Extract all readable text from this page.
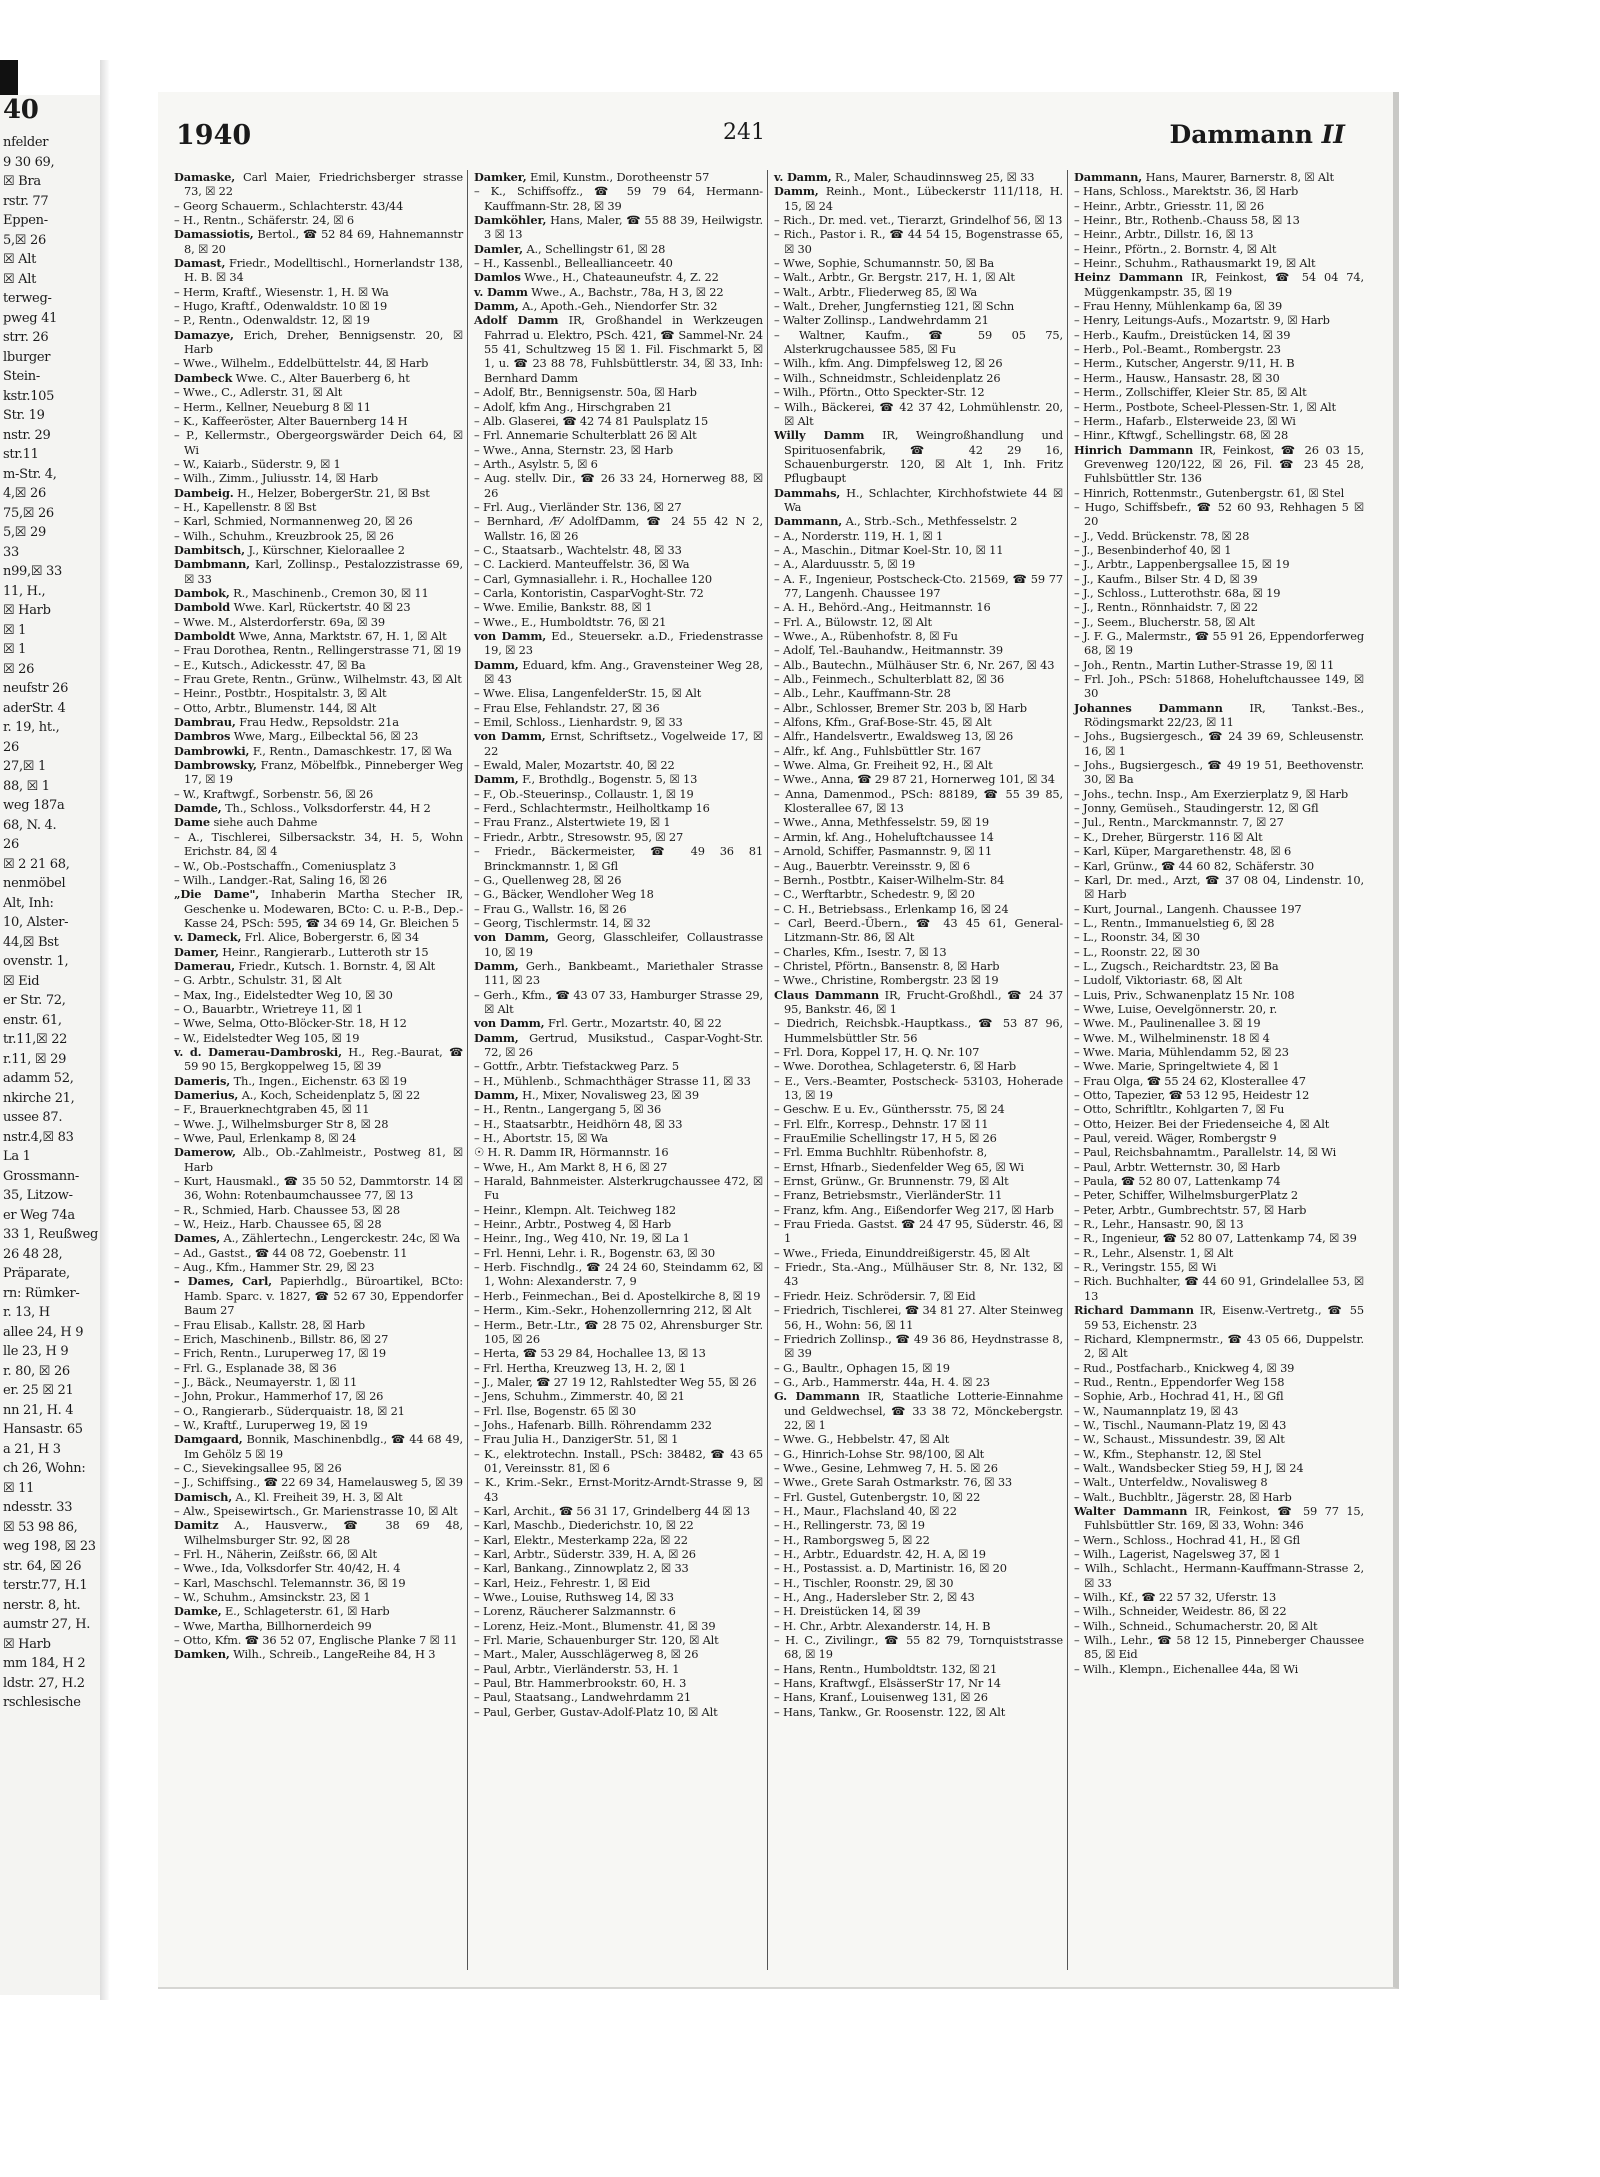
40
nfelder
9 30 69,
☒ Bra
rstr. 77
Eppen-
5,☒ 26
☒ Alt
☒ Alt
terweg-
pweg 41
strr. 26
lburger
Stein-
kstr.105
Str. 19
nstr. 29
str.11
m-Str. 4,
4,☒ 26
75,☒ 26
5,☒ 29
33
n99,☒ 33
11, H.,
☒ Harb
☒ 1
☒ 1
☒ 26
neufstr 26
aderStr. 4
r. 19, ht.,
26
27,☒ 1
88, ☒ 1
weg 187a
68, N. 4.
26
☒ 2 21 68,
nenmöbel
Alt, Inh:
10, Alster-
44,☒ Bst
ovenstr. 1,
☒ Eid
er Str. 72,
enstr. 61,
tr.11,☒ 22
r.11, ☒ 29
adamm 52,
nkirche 21,
ussee 87.
nstr.4,☒ 83
La 1
Grossmann-
35, Litzow-
er Weg 74a
33 1, Reußweg
26 48 28,
Präparate,
rn: Rümker-
r. 13, H
allee 24, H 9
lle 23, H 9
r. 80, ☒ 26
er. 25 ☒ 21
nn 21, H. 4
Hansastr. 65
a 21, H 3
ch 26, Wohn:
☒ 11
ndesstr. 33
☒ 53 98 86,
weg 198, ☒ 23
str. 64, ☒ 26
terstr.77, H.1
nerstr. 8, ht.
aumstr 27, H.
☒ Harb
mm 184, H 2
ldstr. 27, H.2
rschlesische
1940	241	Dammann II
Damaske, Carl Maier, Friedrichsberger strasse 73, ☒ 22
– Georg Schauerm., Schlachterstr. 43/44
– H., Rentn., Schäferstr. 24, ☒ 6
Damassiotis, Bertol., ☎ 52 84 69, Hahnemannstr 8, ☒ 20
Damast, Friedr., Modelltischl., Hornerlandstr 138, H. B. ☒ 34
– Herm, Kraftf., Wiesenstr. 1, H. ☒ Wa
– Hugo, Kraftf., Odenwaldstr. 10 ☒ 19
– P., Rentn., Odenwaldstr. 12, ☒ 19
Damazye, Erich, Dreher, Bennigsenstr. 20, ☒ Harb
– Wwe., Wilhelm., Eddelbüttelstr. 44, ☒ Harb
Dambeck Wwe. C., Alter Bauerberg 6, ht
– Wwe., C., Adlerstr. 31, ☒ Alt
– Herm., Kellner, Neueburg 8 ☒ 11
– K., Kaffeeröster, Alter Bauernberg 14 H
– P., Kellermstr., Obergeorgswärder Deich 64, ☒ Wi
– W., Kaiarb., Süderstr. 9, ☒ 1
– Wilh., Zimm., Juliusstr. 14, ☒ Harb
Dambeig. H., Helzer, BobergerStr. 21, ☒ Bst
– H., Kapellenstr. 8 ☒ Bst
– Karl, Schmied, Normannenweg 20, ☒ 26
– Wilh., Schuhm., Kreuzbrook 25, ☒ 26
Dambitsch, J., Kürschner, Kieloraallee 2
Dambmann, Karl, Zollinsp., Pestalozzistrasse 69, ☒ 33
Dambok, R., Maschinenb., Cremon 30, ☒ 11
Dambold Wwe. Karl, Rückertstr. 40 ☒ 23
– Wwe. M., Alsterdorferstr. 69a, ☒ 39
Damboldt Wwe, Anna, Marktstr. 67, H. 1, ☒ Alt
– Frau Dorothea, Rentn., Rellingerstrasse 71, ☒ 19
– E., Kutsch., Adickesstr. 47, ☒ Ba
– Frau Grete, Rentn., Grünw., Wilhelmstr. 43, ☒ Alt
– Heinr., Postbtr., Hospitalstr. 3, ☒ Alt
– Otto, Arbtr., Blumenstr. 144, ☒ Alt
Dambrau, Frau Hedw., Repsoldstr. 21a
Dambros Wwe, Marg., Eilbecktal 56, ☒ 23
Dambrowki, F., Rentn., Damaschkestr. 17, ☒ Wa
Dambrowsky, Franz, Möbelfbk., Pinneberger Weg 17, ☒ 19
– W., Kraftwgf., Sorbenstr. 56, ☒ 26
Damde, Th., Schloss., Volksdorferstr. 44, H 2
Dame siehe auch Dahme
– A., Tischlerei, Silbersackstr. 34, H. 5, Wohn Erichstr. 84, ☒ 4
– W., Ob.-Postschaffn., Comeniusplatz 3
– Wilh., Landger.-Rat, Saling 16, ☒ 26
„Die Dame", Inhaberin Martha Stecher IR, Geschenke u. Modewaren, BCto: C. u. P.-B., Dep.-Kasse 24, PSch: 595, ☎ 34 69 14, Gr. Bleichen 5
v. Dameck, Frl. Alice, Bobergerstr. 6, ☒ 34
Damer, Heinr., Rangierarb., Lutteroth str 15
Damerau, Friedr., Kutsch. 1. Bornstr. 4, ☒ Alt
– G. Arbtr., Schulstr. 31, ☒ Alt
– Max, Ing., Eidelstedter Weg 10, ☒ 30
– O., Bauarbtr., Wrietreye 11, ☒ 1
– Wwe, Selma, Otto-Blöcker-Str. 18, H 12
– W., Eidelstedter Weg 105, ☒ 19
v. d. Damerau-Dambroski, H., Reg.-Baurat, ☎ 59 90 15, Bergkoppelweg 15, ☒ 39
Dameris, Th., Ingen., Eichenstr. 63 ☒ 19
Damerius, A., Koch, Scheidenplatz 5, ☒ 22
– F., Brauerknechtgraben 45, ☒ 11
– Wwe. J., Wilhelmsburger Str 8, ☒ 28
– Wwe, Paul, Erlenkamp 8, ☒ 24
Damerow, Alb., Ob.-Zahlmeistr., Postweg 81, ☒ Harb
– Kurt, Hausmakl., ☎ 35 50 52, Dammtorstr. 14 ☒ 36, Wohn: Rotenbaumchaussee 77, ☒ 13
– R., Schmied, Harb. Chaussee 53, ☒ 28
– W., Heiz., Harb. Chaussee 65, ☒ 28
Dames, A., Zählertechn., Lengerckestr. 24c, ☒ Wa
– Ad., Gastst., ☎ 44 08 72, Goebenstr. 11
– Aug., Kfm., Hammer Str. 29, ☒ 23
– Dames, Carl, Papierhdlg., Büroartikel, BCto: Hamb. Sparc. v. 1827, ☎ 52 67 30, Eppendorfer Baum 27
– Frau Elisab., Kallstr. 28, ☒ Harb
– Erich, Maschinenb., Billstr. 86, ☒ 27
– Frich, Rentn., Luruperweg 17, ☒ 19
– Frl. G., Esplanade 38, ☒ 36
– J., Bäck., Neumayerstr. 1, ☒ 11
– John, Prokur., Hammerhof 17, ☒ 26
– O., Rangierarb., Süderquaistr. 18, ☒ 21
– W., Kraftf., Luruperweg 19, ☒ 19
Damgaard, Bonnik, Maschinenbdlg., ☎ 44 68 49, Im Gehölz 5 ☒ 19
– C., Sievekingsallee 95, ☒ 26
– J., Schiffsing., ☎ 22 69 34, Hamelausweg 5, ☒ 39
Damisch, A., Kl. Freiheit 39, H. 3, ☒ Alt
– Alw., Speisewirtsch., Gr. Marienstrasse 10, ☒ Alt
Damitz A., Hausverw., ☎ 38 69 48, Wilhelmsburger Str. 92, ☒ 28
– Frl. H., Näherin, Zeißstr. 66, ☒ Alt
– Wwe., Ida, Volksdorfer Str. 40/42, H. 4
– Karl, Maschschl. Telemannstr. 36, ☒ 19
– W., Schuhm., Amsinckstr. 23, ☒ 1
Damke, E., Schlageterstr. 61, ☒ Harb
– Wwe, Martha, Billhornerdeich 99
– Otto, Kfm. ☎ 36 52 07, Englische Planke 7 ☒ 11
Damken, Wilh., Schreib., LangeReihe 84, H 3
Damker, Emil, Kunstm., Dorotheenstr 57
– K., Schiffsoffz., ☎ 59 79 64, Hermann-Kauffmann-Str. 28, ☒ 39
Damköhler, Hans, Maler, ☎ 55 88 39, Heilwigstr. 3 ☒ 13
Damler, A., Schellingstr 61, ☒ 28
– H., Kassenbl., Belleallianceetr. 40
Damlos Wwe., H., Chateauneufstr. 4, Z. 22
v. Damm Wwe., A., Bachstr., 78a, H 3, ☒ 22
Damm, A., Apoth.-Geh., Niendorfer Str. 32
Adolf Damm IR, Großhandel in Werkzeugen Fahrrad u. Elektro, PSch. 421, ☎ Sammel-Nr. 24 55 41, Schultzweg 15 ☒ 1. Fil. Fischmarkt 5, ☒ 1, u. ☎ 23 88 78, Fuhlsbüttlerstr. 34, ☒ 33, Inh: Bernhard Damm
– Adolf, Btr., Bennigsenstr. 50a, ☒ Harb
– Adolf, kfm Ang., Hirschgraben 21
– Alb. Glaserei, ☎ 42 74 81 Paulsplatz 15
– Frl. Annemarie Schulterblatt 26 ☒ Alt
– Wwe., Anna, Sternstr. 23, ☒ Harb
– Arth., Asylstr. 5, ☒ 6
– Aug. stellv. Dir., ☎ 26 33 24, Hornerweg 88, ☒ 26
– Frl. Aug., Vierländer Str. 136, ☒ 27
– Bernhard, ⁄F⁄ AdolfDamm, ☎ 24 55 42 N 2, Wallstr. 16, ☒ 26
– C., Staatsarb., Wachtelstr. 48, ☒ 33
– C. Lackierd. Manteuffelstr. 36, ☒ Wa
– Carl, Gymnasiallehr. i. R., Hochallee 120
– Carla, Kontoristin, CasparVoght-Str. 72
– Wwe. Emilie, Bankstr. 88, ☒ 1
– Wwe., E., Humboldtstr. 76, ☒ 21
von Damm, Ed., Steuersekr. a.D., Friedenstrasse 19, ☒ 23
Damm, Eduard, kfm. Ang., Gravensteiner Weg 28, ☒ 43
– Wwe. Elisa, LangenfelderStr. 15, ☒ Alt
– Frau Else, Fehlandstr. 27, ☒ 36
– Emil, Schloss., Lienhardstr. 9, ☒ 33
von Damm, Ernst, Schriftsetz., Vogelweide 17, ☒ 22
– Ewald, Maler, Mozartstr. 40, ☒ 22
Damm, F., Brothdlg., Bogenstr. 5, ☒ 13
– F., Ob.-Steuerinsp., Collaustr. 1, ☒ 19
– Ferd., Schlachtermstr., Heilholtkamp 16
– Frau Franz., Alstertwiete 19, ☒ 1
– Friedr., Arbtr., Stresowstr. 95, ☒ 27
– Friedr., Bäckermeister, ☎ 49 36 81 Brinckmannstr. 1, ☒ Gfl
– G., Quellenweg 28, ☒ 26
– G., Bäcker, Wendloher Weg 18
– Frau G., Wallstr. 16, ☒ 26
– Georg, Tischlermstr. 14, ☒ 32
von Damm, Georg, Glasschleifer, Collaustrasse 10, ☒ 19
Damm, Gerh., Bankbeamt., Mariethaler Strasse 111, ☒ 23
– Gerh., Kfm., ☎ 43 07 33, Hamburger Strasse 29, ☒ Alt
von Damm, Frl. Gertr., Mozartstr. 40, ☒ 22
Damm, Gertrud, Musikstud., Caspar-Voght-Str. 72, ☒ 26
– Gottfr., Arbtr. Tiefstackweg Parz. 5
– H., Mühlenb., Schmachthäger Strasse 11, ☒ 33
Damm, H., Mixer, Novalisweg 23, ☒ 39
– H., Rentn., Langergang 5, ☒ 36
– H., Staatsarbtr., Heidhörn 48, ☒ 33
– H., Abortstr. 15, ☒ Wa
☉ H. R. Damm IR, Hörmannstr. 16
– Wwe, H., Am Markt 8, H 6, ☒ 27
– Harald, Bahnmeister. Alsterkrugchaussee 472, ☒ Fu
– Heinr., Klempn. Alt. Teichweg 182
– Heinr., Arbtr., Postweg 4, ☒ Harb
– Heinr., Ing., Weg 410, Nr. 19, ☒ La 1
– Frl. Henni, Lehr. i. R., Bogenstr. 63, ☒ 30
– Herb. Fischndlg., ☎ 24 24 60, Steindamm 62, ☒ 1, Wohn: Alexanderstr. 7, 9
– Herb., Feinmechan., Bei d. Apostelkirche 8, ☒ 19
– Herm., Kim.-Sekr., Hohenzollernring 212, ☒ Alt
– Herm., Betr.-Ltr., ☎ 28 75 02, Ahrensburger Str. 105, ☒ 26
– Herta, ☎ 53 29 84, Hochallee 13, ☒ 13
– Frl. Hertha, Kreuzweg 13, H. 2, ☒ 1
– J., Maler, ☎ 27 19 12, Rahlstedter Weg 55, ☒ 26
– Jens, Schuhm., Zimmerstr. 40, ☒ 21
– Frl. Ilse, Bogenstr. 65 ☒ 30
– Johs., Hafenarb. Billh. Röhrendamm 232
– Frau Julia H., DanzigerStr. 51, ☒ 1
– K., elektrotechn. Install., PSch: 38482, ☎ 43 65 01, Vereinsstr. 81, ☒ 6
– K., Krim.-Sekr., Ernst-Moritz-Arndt-Strasse 9, ☒ 43
– Karl, Archit., ☎ 56 31 17, Grindelberg 44 ☒ 13
– Karl, Maschb., Diederichstr. 10, ☒ 22
– Karl, Elektr., Mesterkamp 22a, ☒ 22
– Karl, Arbtr., Süderstr. 339, H. A, ☒ 26
– Karl, Bankang., Zinnowplatz 2, ☒ 33
– Karl, Heiz., Fehrestr. 1, ☒ Eid
– Wwe., Louise, Ruthsweg 14, ☒ 33
– Lorenz, Räucherer Salzmannstr. 6
– Lorenz, Heiz.-Mont., Blumenstr. 41, ☒ 39
– Frl. Marie, Schauenburger Str. 120, ☒ Alt
– Mart., Maler, Ausschlägerweg 8, ☒ 26
– Paul, Arbtr., Vierländerstr. 53, H. 1
– Paul, Btr. Hammerbrookstr. 60, H. 3
– Paul, Staatsang., Landwehrdamm 21
– Paul, Gerber, Gustav-Adolf-Platz 10, ☒ Alt
v. Damm, R., Maler, Schaudinnsweg 25, ☒ 33
Damm, Reinh., Mont., Lübeckerstr 111/118, H. 15, ☒ 24
– Rich., Dr. med. vet., Tierarzt, Grindelhof 56, ☒ 13
– Rich., Pastor i. R., ☎ 44 54 15, Bogenstrasse 65, ☒ 30
– Wwe, Sophie, Schumannstr. 50, ☒ Ba
– Walt., Arbtr., Gr. Bergstr. 217, H. 1, ☒ Alt
– Walt., Arbtr., Fliederweg 85, ☒ Wa
– Walt., Dreher, Jungfernstieg 121, ☒ Schn
– Walter Zollinsp., Landwehrdamm 21
– Waltner, Kaufm., ☎ 59 05 75, Alsterkrugchaussee 585, ☒ Fu
– Wilh., kfm. Ang. Dimpfelsweg 12, ☒ 26
– Wilh., Schneidmstr., Schleidenplatz 26
– Wilh., Pförtn., Otto Speckter-Str. 12
– Wilh., Bäckerei, ☎ 42 37 42, Lohmühlenstr. 20, ☒ Alt
Willy Damm IR, Weingroßhandlung und Spirituosenfabrik, ☎ 42 29 16, Schauenburgerstr. 120, ☒ Alt 1, Inh. Fritz Pflugbaupt
Dammahs, H., Schlachter, Kirchhofstwiete 44 ☒ Wa
Dammann, A., Strb.-Sch., Methfesselstr. 2
– A., Norderstr. 119, H. 1, ☒ 1
– A., Maschin., Ditmar Koel-Str. 10, ☒ 11
– A., Alarduusstr. 5, ☒ 19
– A. F., Ingenieur, Postscheck-Cto. 21569, ☎ 59 77 77, Langenh. Chaussee 197
– A. H., Behörd.-Ang., Heitmannstr. 16
– Frl. A., Bülowstr. 12, ☒ Alt
– Wwe., A., Rübenhofstr. 8, ☒ Fu
– Adolf, Tel.-Bauhandw., Heitmannstr. 39
– Alb., Bautechn., Mülhäuser Str. 6, Nr. 267, ☒ 43
– Alb., Feinmech., Schulterblatt 82, ☒ 36
– Alb., Lehr., Kauffmann-Str. 28
– Albr., Schlosser, Bremer Str. 203 b, ☒ Harb
– Alfons, Kfm., Graf-Bose-Str. 45, ☒ Alt
– Alfr., Handelsvertr., Ewaldsweg 13, ☒ 26
– Alfr., kf. Ang., Fuhlsbüttler Str. 167
– Wwe. Alma, Gr. Freiheit 92, H., ☒ Alt
– Wwe., Anna, ☎ 29 87 21, Hornerweg 101, ☒ 34
– Anna, Damenmod., PSch: 88189, ☎ 55 39 85, Klosterallee 67, ☒ 13
– Wwe., Anna, Methfesselstr. 59, ☒ 19
– Armin, kf. Ang., Hoheluftchaussee 14
– Arnold, Schiffer, Pasmannstr. 9, ☒ 11
– Aug., Bauerbtr. Vereinsstr. 9, ☒ 6
– Bernh., Postbtr., Kaiser-Wilhelm-Str. 84
– C., Werftarbtr., Schedestr. 9, ☒ 20
– C. H., Betriebsass., Erlenkamp 16, ☒ 24
– Carl, Beerd.-Übern., ☎ 43 45 61, General-Litzmann-Str. 86, ☒ Alt
– Charles, Kfm., Isestr. 7, ☒ 13
– Christel, Pförtn., Bansenstr. 8, ☒ Harb
– Wwe., Christine, Rombergstr. 23 ☒ 19
Claus Dammann IR, Frucht-Großhdl., ☎ 24 37 95, Bankstr. 46, ☒ 1
– Diedrich, Reichsbk.-Hauptkass., ☎ 53 87 96, Hummelsbüttler Str. 56
– Frl. Dora, Koppel 17, H. Q. Nr. 107
– Wwe. Dorothea, Schlageterstr. 6, ☒ Harb
– E., Vers.-Beamter, Postscheck- 53103, Hoherade 13, ☒ 19
– Geschw. E u. Ev., Günthersstr. 75, ☒ 24
– Frl. Elfr., Korresp., Dehnstr. 17 ☒ 11
– FrauEmilie Schellingstr 17, H 5, ☒ 26
– Frl. Emma Buchhltr. Rübenhofstr. 8,
– Ernst, Hfnarb., Siedenfelder Weg 65, ☒ Wi
– Ernst, Grünw., Gr. Brunnenstr. 79, ☒ Alt
– Franz, Betriebsmstr., VierländerStr. 11
– Franz, kfm. Ang., Eißendorfer Weg 217, ☒ Harb
– Frau Frieda. Gastst. ☎ 24 47 95, Süderstr. 46, ☒ 1
– Wwe., Frieda, Einunddreißigerstr. 45, ☒ Alt
– Friedr., Sta.-Ang., Mülhäuser Str. 8, Nr. 132, ☒ 43
– Friedr. Heiz. Schrödersir. 7, ☒ Eid
– Friedrich, Tischlerei, ☎ 34 81 27. Alter Steinweg 56, H., Wohn: 56, ☒ 11
– Friedrich Zollinsp., ☎ 49 36 86, Heydnstrasse 8, ☒ 39
– G., Baultr., Ophagen 15, ☒ 19
– G., Arb., Hammerstr. 44a, H. 4. ☒ 23
G. Dammann IR, Staatliche Lotterie-Einnahme und Geldwechsel, ☎ 33 38 72, Mönckebergstr. 22, ☒ 1
– Wwe. G., Hebbelstr. 47, ☒ Alt
– G., Hinrich-Lohse Str. 98/100, ☒ Alt
– Wwe., Gesine, Lehmweg 7, H. 5. ☒ 26
– Wwe., Grete Sarah Ostmarkstr. 76, ☒ 33
– Frl. Gustel, Gutenbergstr. 10, ☒ 22
– H., Maur., Flachsland 40, ☒ 22
– H., Rellingerstr. 73, ☒ 19
– H., Ramborgsweg 5, ☒ 22
– H., Arbtr., Eduardstr. 42, H. A, ☒ 19
– H., Postassist. a. D, Martinistr. 16, ☒ 20
– H., Tischler, Roonstr. 29, ☒ 30
– H., Ang., Hadersleber Str. 2, ☒ 43
– H. Dreistücken 14, ☒ 39
– H. Chr., Arbtr. Alexanderstr. 14, H. B
– H. C., Zivilingr., ☎ 55 82 79, Tornquiststrasse 68, ☒ 19
– Hans, Rentn., Humboldtstr. 132, ☒ 21
– Hans, Kraftwgf., ElsässerStr 17, Nr 14
– Hans, Kranf., Louisenweg 131, ☒ 26
– Hans, Tankw., Gr. Roosenstr. 122, ☒ Alt
Dammann, Hans, Maurer, Barnerstr. 8, ☒ Alt
– Hans, Schloss., Marektstr. 36, ☒ Harb
– Heinr., Arbtr., Griesstr. 11, ☒ 26
– Heinr., Btr., Rothenb.-Chauss 58, ☒ 13
– Heinr., Arbtr., Dillstr. 16, ☒ 13
– Heinr., Pförtn., 2. Bornstr. 4, ☒ Alt
– Heinr., Schuhm., Rathausmarkt 19, ☒ Alt
Heinz Dammann IR, Feinkost, ☎ 54 04 74, Müggenkampstr. 35, ☒ 19
– Frau Henny, Mühlenkamp 6a, ☒ 39
– Henry, Leitungs-Aufs., Mozartstr. 9, ☒ Harb
– Herb., Kaufm., Dreistücken 14, ☒ 39
– Herb., Pol.-Beamt., Rombergstr. 23
– Herm., Kutscher, Angerstr. 9/11, H. B
– Herm., Hausw., Hansastr. 28, ☒ 30
– Herm., Zollschiffer, Kleier Str. 85, ☒ Alt
– Herm., Postbote, Scheel-Plessen-Str. 1, ☒ Alt
– Herm., Hafarb., Elsterweide 23, ☒ Wi
– Hinr., Kftwgf., Schellingstr. 68, ☒ 28
Hinrich Dammann IR, Feinkost, ☎ 26 03 15, Grevenweg 120/122, ☒ 26, Fil. ☎ 23 45 28, Fuhlsbüttler Str. 136
– Hinrich, Rottenmstr., Gutenbergstr. 61, ☒ Stel
– Hugo, Schiffsbefr., ☎ 52 60 93, Rehhagen 5 ☒ 20
– J., Vedd. Brückenstr. 78, ☒ 28
– J., Besenbinderhof 40, ☒ 1
– J., Arbtr., Lappenbergsallee 15, ☒ 19
– J., Kaufm., Bilser Str. 4 D, ☒ 39
– J., Schloss., Lutterothstr. 68a, ☒ 19
– J., Rentn., Rönnhaidstr. 7, ☒ 22
– J., Seem., Blucherstr. 58, ☒ Alt
– J. F. G., Malermstr., ☎ 55 91 26, Eppendorferweg 68, ☒ 19
– Joh., Rentn., Martin Luther-Strasse 19, ☒ 11
– Frl. Joh., PSch: 51868, Hoheluftchaussee 149, ☒ 30
Johannes Dammann IR, Tankst.-Bes., Rödingsmarkt 22/23, ☒ 11
– Johs., Bugsiergesch., ☎ 24 39 69, Schleusenstr. 16, ☒ 1
– Johs., Bugsiergesch., ☎ 49 19 51, Beethovenstr. 30, ☒ Ba
– Johs., techn. Insp., Am Exerzierplatz 9, ☒ Harb
– Jonny, Gemüseh., Staudingerstr. 12, ☒ Gfl
– Jul., Rentn., Marckmannstr. 7, ☒ 27
– K., Dreher, Bürgerstr. 116 ☒ Alt
– Karl, Küper, Margarethenstr. 48, ☒ 6
– Karl, Grünw., ☎ 44 60 82, Schäferstr. 30
– Karl, Dr. med., Arzt, ☎ 37 08 04, Lindenstr. 10, ☒ Harb
– Kurt, Journal., Langenh. Chaussee 197
– L., Rentn., Immanuelstieg 6, ☒ 28
– L., Roonstr. 34, ☒ 30
– L., Roonstr. 22, ☒ 30
– L., Zugsch., Reichardtstr. 23, ☒ Ba
– Ludolf, Viktoriastr. 68, ☒ Alt
– Luis, Priv., Schwanenplatz 15 Nr. 108
– Wwe, Luise, Oevelgönnerstr. 20, r.
– Wwe. M., Paulinenallee 3. ☒ 19
– Wwe. M., Wilhelminenstr. 18 ☒ 4
– Wwe. Maria, Mühlendamm 52, ☒ 23
– Wwe. Marie, Springeltwiete 4, ☒ 1
– Frau Olga, ☎ 55 24 62, Klosterallee 47
– Otto, Tapezier, ☎ 53 12 95, Heidestr 12
– Otto, Schriftltr., Kohlgarten 7, ☒ Fu
– Otto, Heizer. Bei der Friedenseiche 4, ☒ Alt
– Paul, vereid. Wäger, Rombergstr 9
– Paul, Reichsbahnamtm., Parallelstr. 14, ☒ Wi
– Paul, Arbtr. Wetternstr. 30, ☒ Harb
– Paula, ☎ 52 80 07, Lattenkamp 74
– Peter, Schiffer, WilhelmsburgerPlatz 2
– Peter, Arbtr., Gumbrechtstr. 57, ☒ Harb
– R., Lehr., Hansastr. 90, ☒ 13
– R., Ingenieur, ☎ 52 80 07, Lattenkamp 74, ☒ 39
– R., Lehr., Alsenstr. 1, ☒ Alt
– R., Veringstr. 155, ☒ Wi
– Rich. Buchhalter, ☎ 44 60 91, Grindelallee 53, ☒ 13
Richard Dammann IR, Eisenw.-Vertretg., ☎ 55 59 53, Eichenstr. 23
– Richard, Klempnermstr., ☎ 43 05 66, Duppelstr. 2, ☒ Alt
– Rud., Postfacharb., Knickweg 4, ☒ 39
– Rud., Rentn., Eppendorfer Weg 158
– Sophie, Arb., Hochrad 41, H., ☒ Gfl
– W., Naumannplatz 19, ☒ 43
– W., Tischl., Naumann-Platz 19, ☒ 43
– W., Schaust., Missundestr. 39, ☒ Alt
– W., Kfm., Stephanstr. 12, ☒ Stel
– Walt., Wandsbecker Stieg 59, H J, ☒ 24
– Walt., Unterfeldw., Novalisweg 8
– Walt., Buchbltr., Jägerstr. 28, ☒ Harb
Walter Dammann IR, Feinkost, ☎ 59 77 15, Fuhlsbüttler Str. 169, ☒ 33, Wohn: 346
– Wern., Schloss., Hochrad 41, H., ☒ Gfl
– Wilh., Lagerist, Nagelsweg 37, ☒ 1
– Wilh., Schlacht., Hermann-Kauffmann-Strasse 2, ☒ 33
– Wilh., Kf., ☎ 22 57 32, Uferstr. 13
– Wilh., Schneider, Weidestr. 86, ☒ 22
– Wilh., Schneid., Schumacherstr. 20, ☒ Alt
– Wilh., Lehr., ☎ 58 12 15, Pinneberger Chaussee 85, ☒ Eid
– Wilh., Klempn., Eichenallee 44a, ☒ Wi
